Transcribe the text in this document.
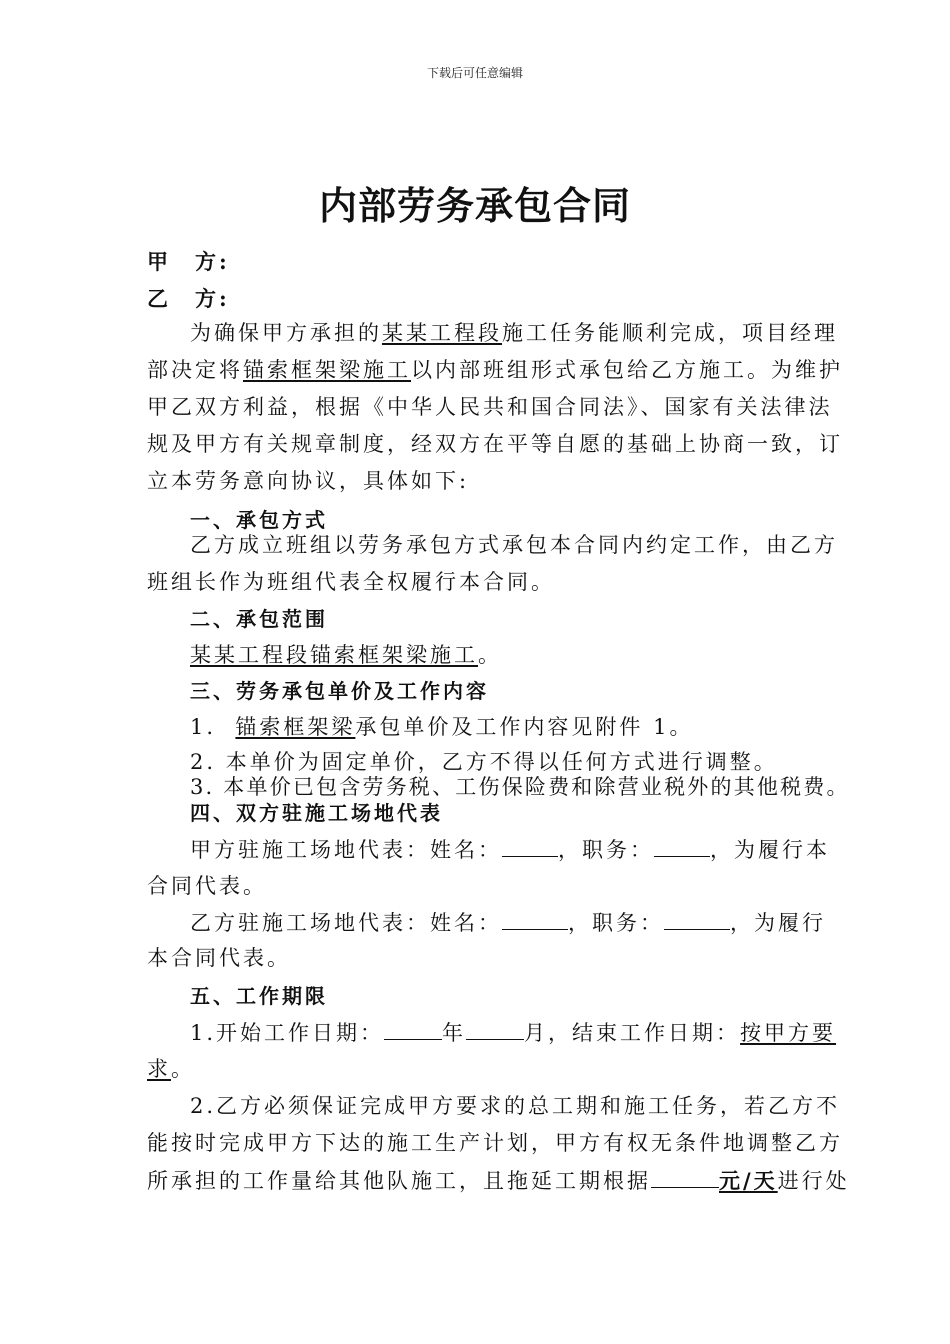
下载后可任意编辑
内部劳务承包合同
甲　方:
乙　方:
为确保甲方承担的某某工程段施工任务能顺利完成，项目经理
部决定将锚索框架梁施工以内部班组形式承包给乙方施工。为维护
甲乙双方利益，根据《中华人民共和国合同法》、国家有关法律法
规及甲方有关规章制度，经双方在平等自愿的基础上协商一致，订
立本劳务意向协议，具体如下:
一、承包方式
乙方成立班组以劳务承包方式承包本合同内约定工作，由乙方
班组长作为班组代表全权履行本合同。
二、承包范围
某某工程段锚索框架梁施工。
三、劳务承包单价及工作内容
1. 锚索框架梁承包单价及工作内容见附件 1。
2. 本单价为固定单价，乙方不得以任何方式进行调整。
3. 本单价已包含劳务税、工伤保险费和除营业税外的其他税费。
四、双方驻施工场地代表
甲方驻施工场地代表：姓名：	，职务：	，为履行本
合同代表。
乙方驻施工场地代表：姓名：	，职务：	，为履行
本合同代表。
五、工作期限
1.开始工作日期：	年	月，结束工作日期：按甲方要
求。
2.乙方必须保证完成甲方要求的总工期和施工任务，若乙方不
能按时完成甲方下达的施工生产计划，甲方有权无条件地调整乙方
所承担的工作量给其他队施工，且拖延工期根据	元/天进行处
